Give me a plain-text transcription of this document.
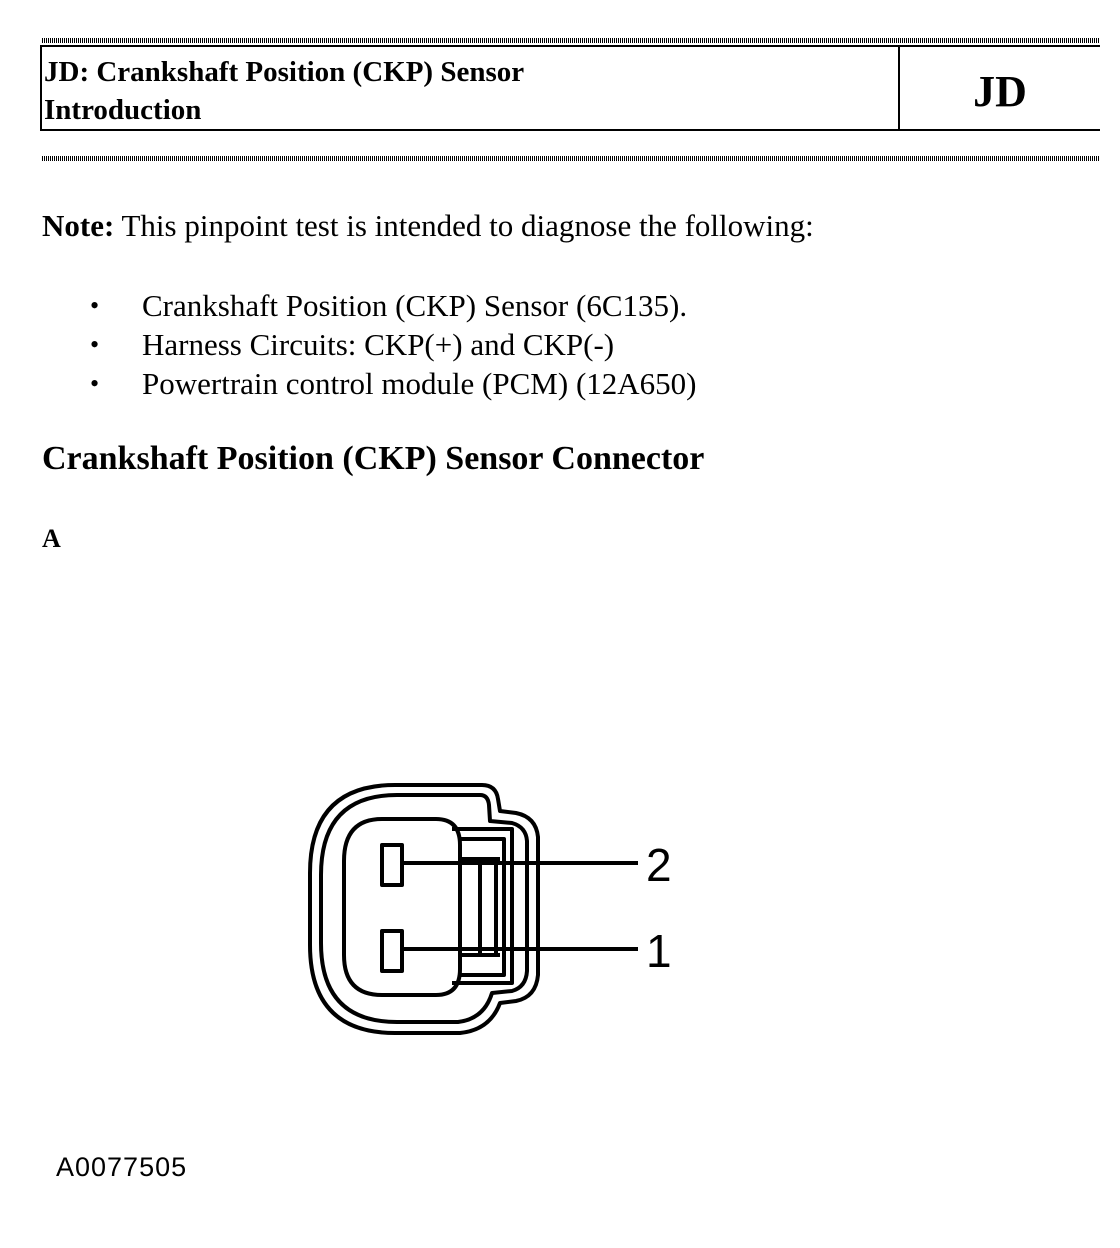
JD: Crankshaft Position (CKP) Sensor
Introduction	JD
Note: This pinpoint test is intended to diagnose the following:
• Crankshaft Position (CKP) Sensor (6C135).
• Harness Circuits: CKP(+) and CKP(-)
• Powertrain control module (PCM) (12A650)
Crankshaft Position (CKP) Sensor Connector
A
2
1
A0077505
